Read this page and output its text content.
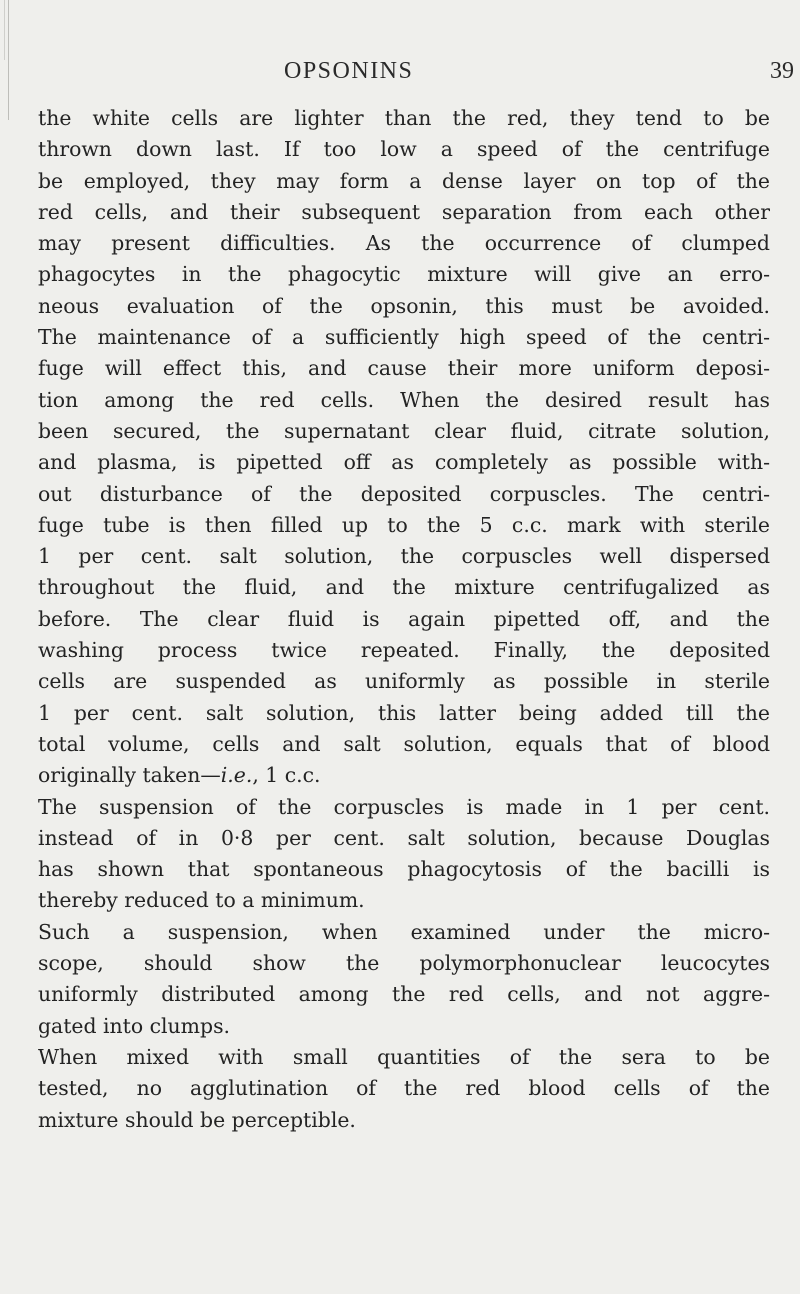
OPSONINS	39
the white cells are lighter than the red, they tend to be
thrown down last. If too low a speed of the centrifuge
be employed, they may form a dense layer on top of the
red cells, and their subsequent separation from each other
may present difficulties. As the occurrence of clumped
phagocytes in the phagocytic mixture will give an erro-
neous evaluation of the opsonin, this must be avoided.
The maintenance of a sufficiently high speed of the centri-
fuge will effect this, and cause their more uniform deposi-
tion among the red cells. When the desired result has
been secured, the supernatant clear fluid, citrate solution,
and plasma, is pipetted off as completely as possible with-
out disturbance of the deposited corpuscles. The centri-
fuge tube is then filled up to the 5 c.c. mark with sterile
1 per cent. salt solution, the corpuscles well dispersed
throughout the fluid, and the mixture centrifugalized as
before. The clear fluid is again pipetted off, and the
washing process twice repeated. Finally, the deposited
cells are suspended as uniformly as possible in sterile
1 per cent. salt solution, this latter being added till the
total volume, cells and salt solution, equals that of blood
originally taken—i.e., 1 c.c.
The suspension of the corpuscles is made in 1 per cent.
instead of in 0·8 per cent. salt solution, because Douglas
has shown that spontaneous phagocytosis of the bacilli is
thereby reduced to a minimum.
Such a suspension, when examined under the micro-
scope, should show the polymorphonuclear leucocytes
uniformly distributed among the red cells, and not aggre-
gated into clumps.
When mixed with small quantities of the sera to be
tested, no agglutination of the red blood cells of the
mixture should be perceptible.
